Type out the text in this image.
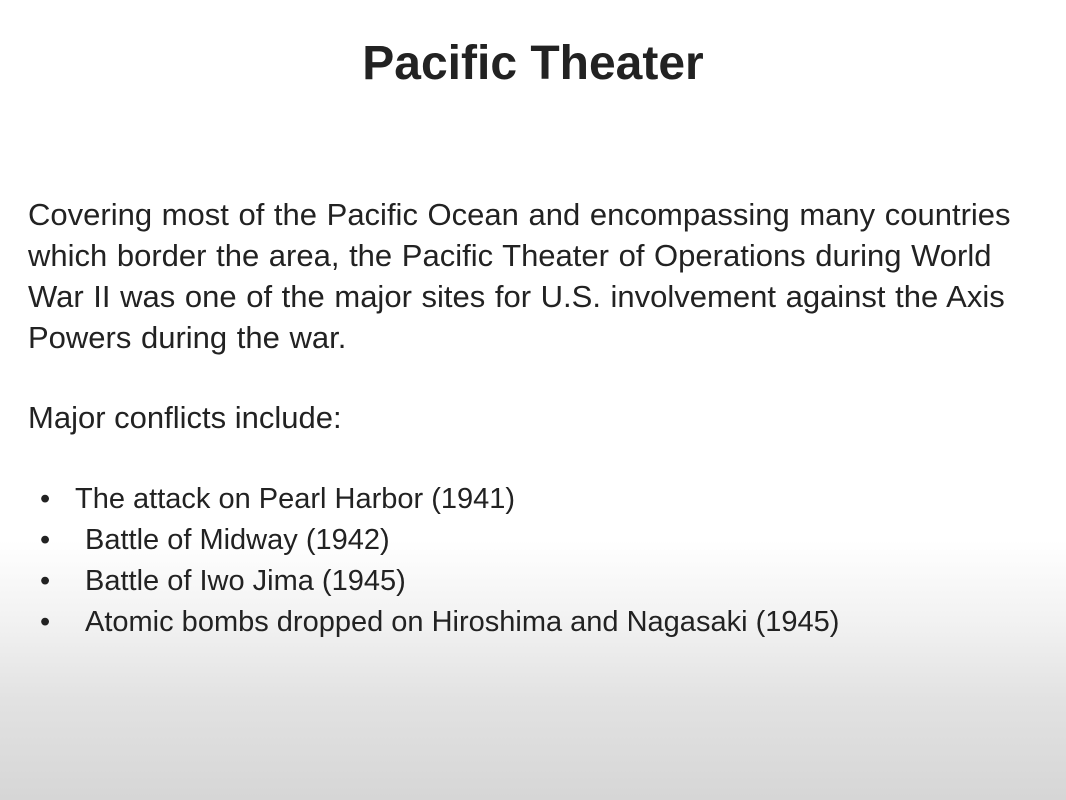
Pacific Theater

Covering most of the Pacific Ocean and encompassing many countries which border the area, the Pacific Theater of Operations during World War II was one of the major sites for U.S. involvement against the Axis Powers during the war.

Major conflicts include:

• The attack on Pearl Harbor (1941)
• Battle of Midway (1942)
• Battle of Iwo Jima (1945)
• Atomic bombs dropped on Hiroshima and Nagasaki (1945)
